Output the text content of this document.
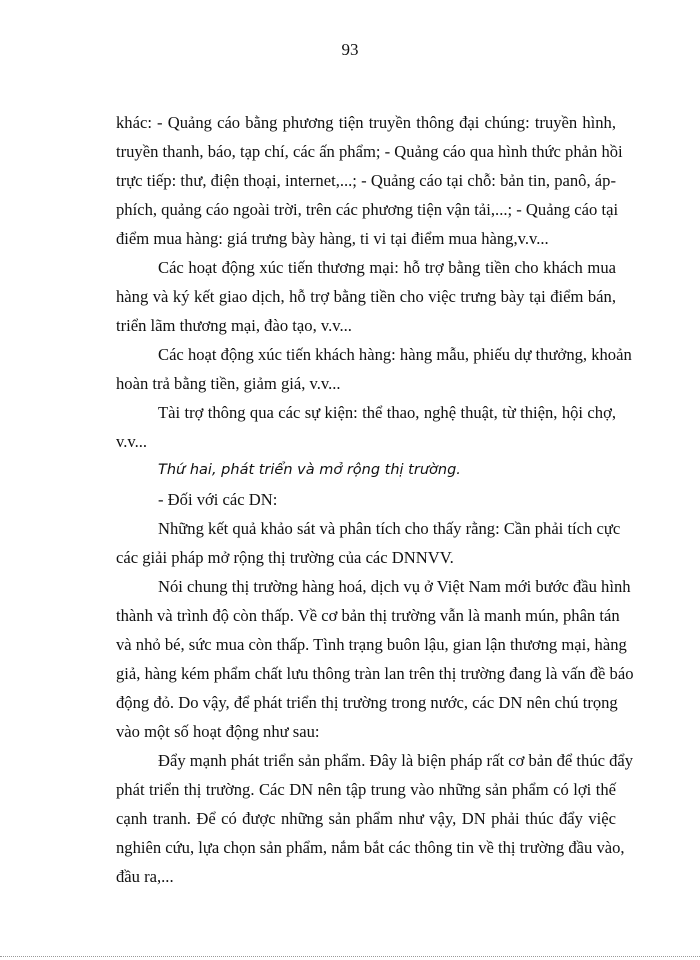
93
khác: - Quảng cáo bằng phương tiện truyền thông đại chúng: truyền hình,
truyền thanh, báo, tạp chí, các ấn phẩm; - Quảng cáo qua hình thức phản hồi
trực tiếp: thư, điện thoại, internet,...; - Quảng cáo tại chỗ: bản tin, panô, áp-
phích, quảng cáo ngoài trời, trên các phương tiện vận tải,...; - Quảng cáo tại
điểm mua hàng: giá trưng bày hàng, ti vi tại điểm mua hàng,v.v...
Các hoạt động xúc tiến thương mại: hỗ trợ bằng tiền cho khách mua
hàng và ký kết giao dịch, hỗ trợ bằng tiền cho việc trưng bày tại điểm bán,
triển lãm thương mại, đào tạo, v.v...
Các hoạt động xúc tiến khách hàng: hàng mẫu, phiếu dự thưởng, khoản
hoàn trả bằng tiền, giảm giá, v.v...
Tài trợ thông qua các sự kiện: thể thao, nghệ thuật, từ thiện, hội chợ,
v.v...
Thứ hai, phát triển và mở rộng thị trường.
- Đối với các DN:
Những kết quả khảo sát và phân tích cho thấy rằng: Cần phải tích cực
các giải pháp mở rộng thị trường của các DNNVV.
Nói chung thị trường hàng hoá, dịch vụ ở Việt Nam mới bước đầu hình
thành và trình độ còn thấp. Về cơ bản thị trường vẫn là manh mún, phân tán
và nhỏ bé, sức mua còn thấp. Tình trạng buôn lậu, gian lận thương mại, hàng
giả, hàng kém phẩm chất lưu thông tràn lan trên thị trường đang là vấn đề báo
động đỏ. Do vậy, để phát triển thị trường trong nước, các DN nên chú trọng
vào một số hoạt động như sau:
Đẩy mạnh phát triển sản phẩm. Đây là biện pháp rất cơ bản để thúc đẩy
phát triển thị trường. Các DN nên tập trung vào những sản phẩm có lợi thế
cạnh tranh. Để có được những sản phẩm như vậy, DN phải thúc đẩy việc
nghiên cứu, lựa chọn sản phẩm, nắm bắt các thông tin về thị trường đầu vào,
đầu ra,...
